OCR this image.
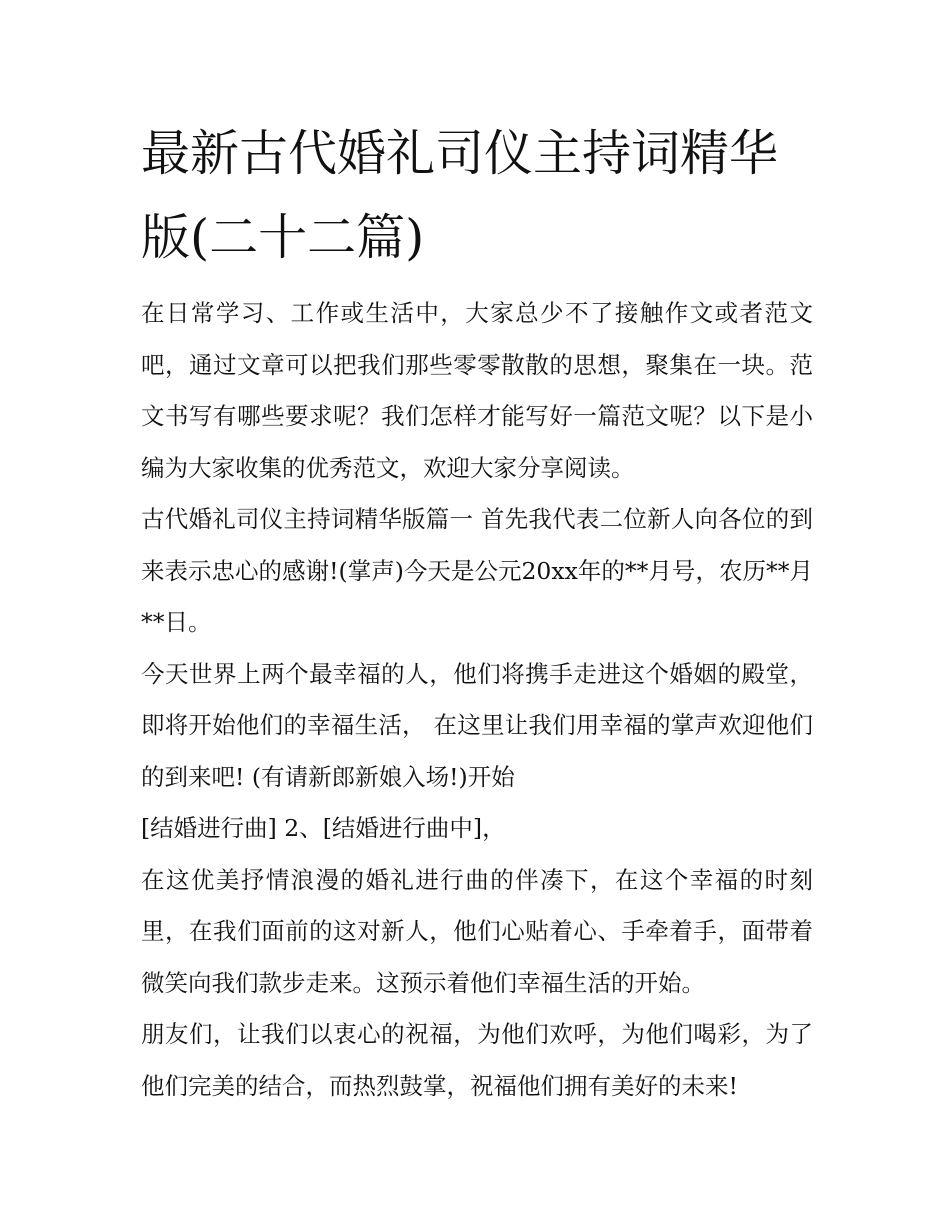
最新古代婚礼司仪主持词精华版(二十二篇)

在日常学习、工作或生活中，大家总少不了接触作文或者范文吧，通过文章可以把我们那些零零散散的思想，聚集在一块。范文书写有哪些要求呢？我们怎样才能写好一篇范文呢？以下是小编为大家收集的优秀范文，欢迎大家分享阅读。

古代婚礼司仪主持词精华版篇一 首先我代表二位新人向各位的到来表示忠心的感谢!(掌声)今天是公元20xx年的**月号，农历**月**日。

今天世界上两个最幸福的人，他们将携手走进这个婚姻的殿堂，即将开始他们的幸福生活， 在这里让我们用幸福的掌声欢迎他们的到来吧! (有请新郎新娘入场!)开始

[结婚进行曲] 2、[结婚进行曲中]，

在这优美抒情浪漫的婚礼进行曲的伴凑下，在这个幸福的时刻里，在我们面前的这对新人，他们心贴着心、手牵着手，面带着微笑向我们款步走来。这预示着他们幸福生活的开始。

朋友们，让我们以衷心的祝福，为他们欢呼，为他们喝彩，为了他们完美的结合，而热烈鼓掌，祝福他们拥有美好的未来!
